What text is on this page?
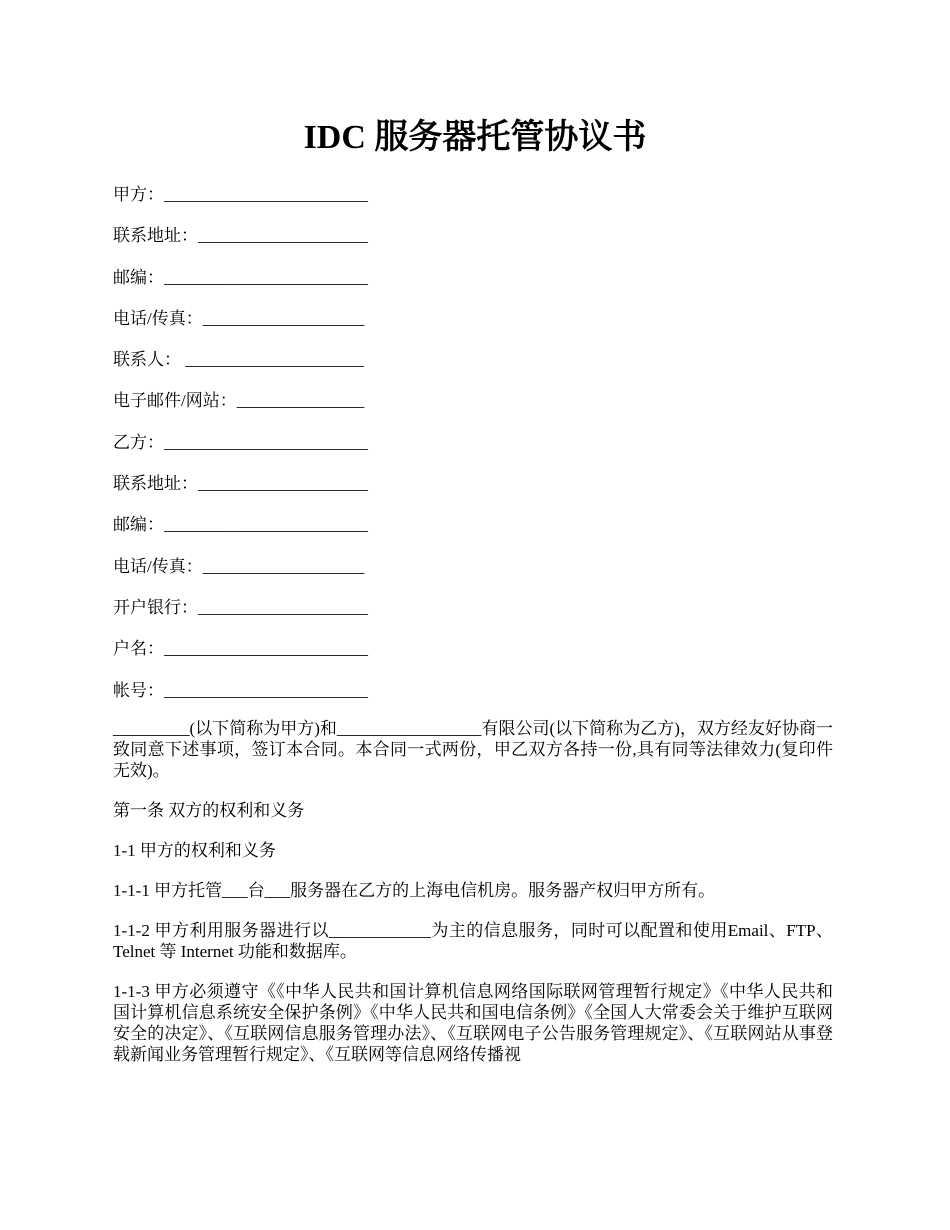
IDC 服务器托管协议书
甲方：________________________
联系地址：____________________
邮编：________________________
电话/传真：___________________
联系人： _____________________
电子邮件/网站：_______________
乙方：________________________
联系地址：____________________
邮编：________________________
电话/传真：___________________
开户银行：____________________
户名：________________________
帐号：________________________

_________(以下简称为甲方)和_________________有限公司(以下简称为乙方)，双方经友好协商一致同意下述事项，签订本合同。本合同一式两份，甲乙双方各持一份,具有同等法律效力(复印件无效)。

第一条 双方的权利和义务

1-1 甲方的权利和义务

1-1-1 甲方托管___台___服务器在乙方的上海电信机房。服务器产权归甲方所有。

1-1-2 甲方利用服务器进行以____________为主的信息服务，同时可以配置和使用Email、FTP、Telnet 等 Internet 功能和数据库。

1-1-3 甲方必须遵守《《中华人民共和国计算机信息网络国际联网管理暂行规定》《中华人民共和国计算机信息系统安全保护条例》《中华人民共和国电信条例》《全国人大常委会关于维护互联网安全的决定》、《互联网信息服务管理办法》、《互联网电子公告服务管理规定》、《互联网站从事登载新闻业务管理暂行规定》、《互联网等信息网络传播视
